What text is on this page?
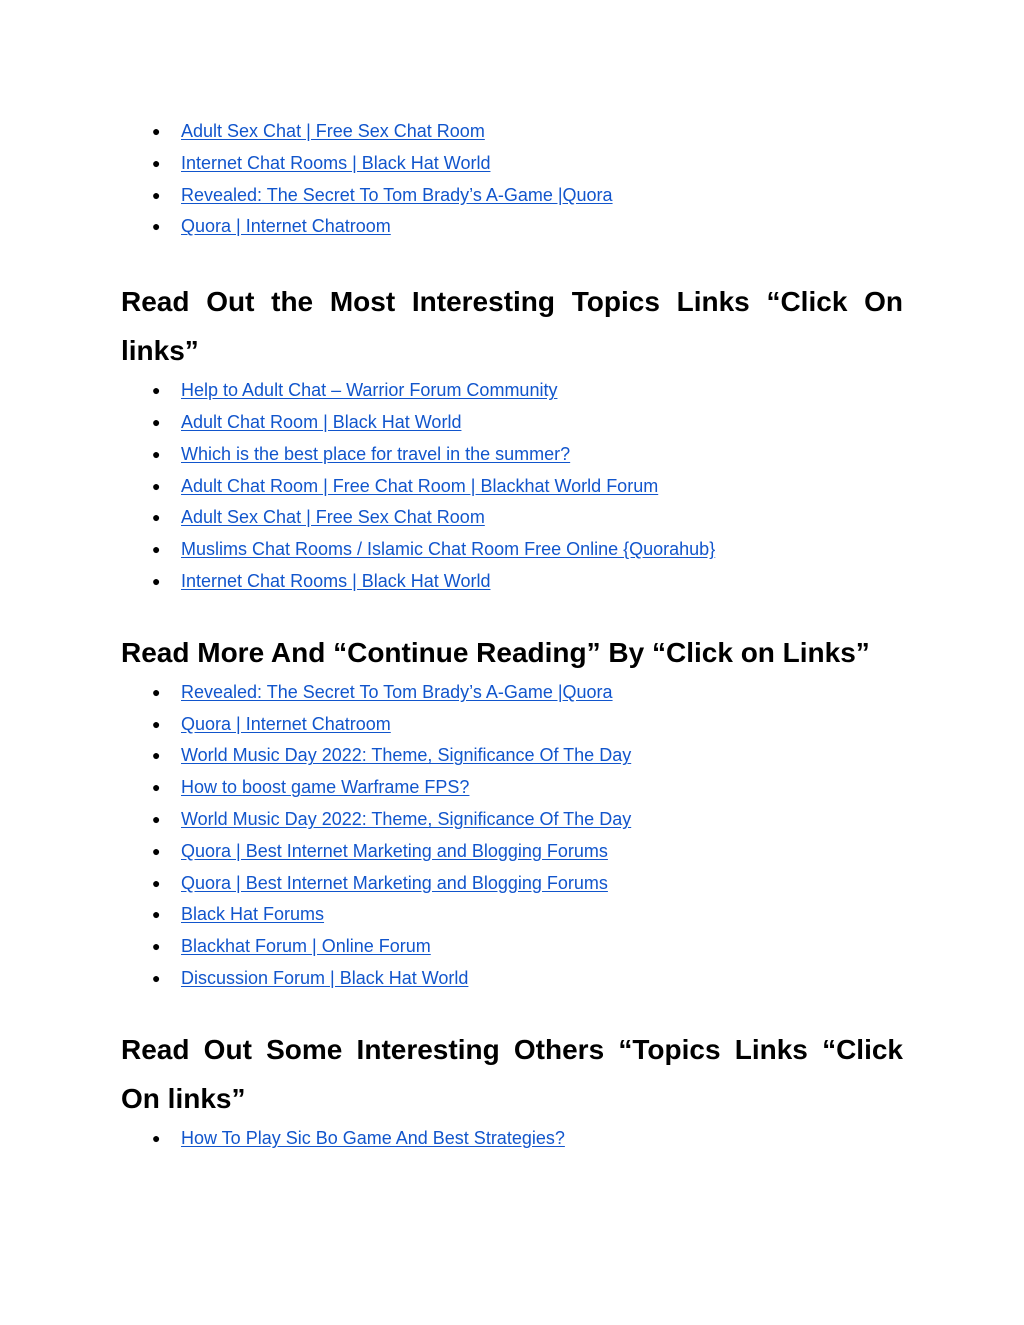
● Adult Sex Chat | Free Sex Chat Room
● Internet Chat Rooms | Black Hat World
● Revealed: The Secret To Tom Brady’s A-Game |Quora
● Quora | Internet Chatroom
Read Out the Most Interesting Topics Links “Click On links”
● Help to Adult Chat – Warrior Forum Community
● Adult Chat Room | Black Hat World
● Which is the best place for travel in the summer?
● Adult Chat Room | Free Chat Room | Blackhat World Forum
● Adult Sex Chat | Free Sex Chat Room
● Muslims Chat Rooms / Islamic Chat Room Free Online {Quorahub}
● Internet Chat Rooms | Black Hat World
Read More And “Continue Reading” By “Click on Links”
● Revealed: The Secret To Tom Brady’s A-Game |Quora
● Quora | Internet Chatroom
● World Music Day 2022: Theme, Significance Of The Day
● How to boost game Warframe FPS?
● World Music Day 2022: Theme, Significance Of The Day
● Quora | Best Internet Marketing and Blogging Forums
● Quora | Best Internet Marketing and Blogging Forums
● Black Hat Forums
● Blackhat Forum | Online Forum
● Discussion Forum | Black Hat World
Read Out Some Interesting Others “Topics Links “Click On links”
● How To Play Sic Bo Game And Best Strategies?
